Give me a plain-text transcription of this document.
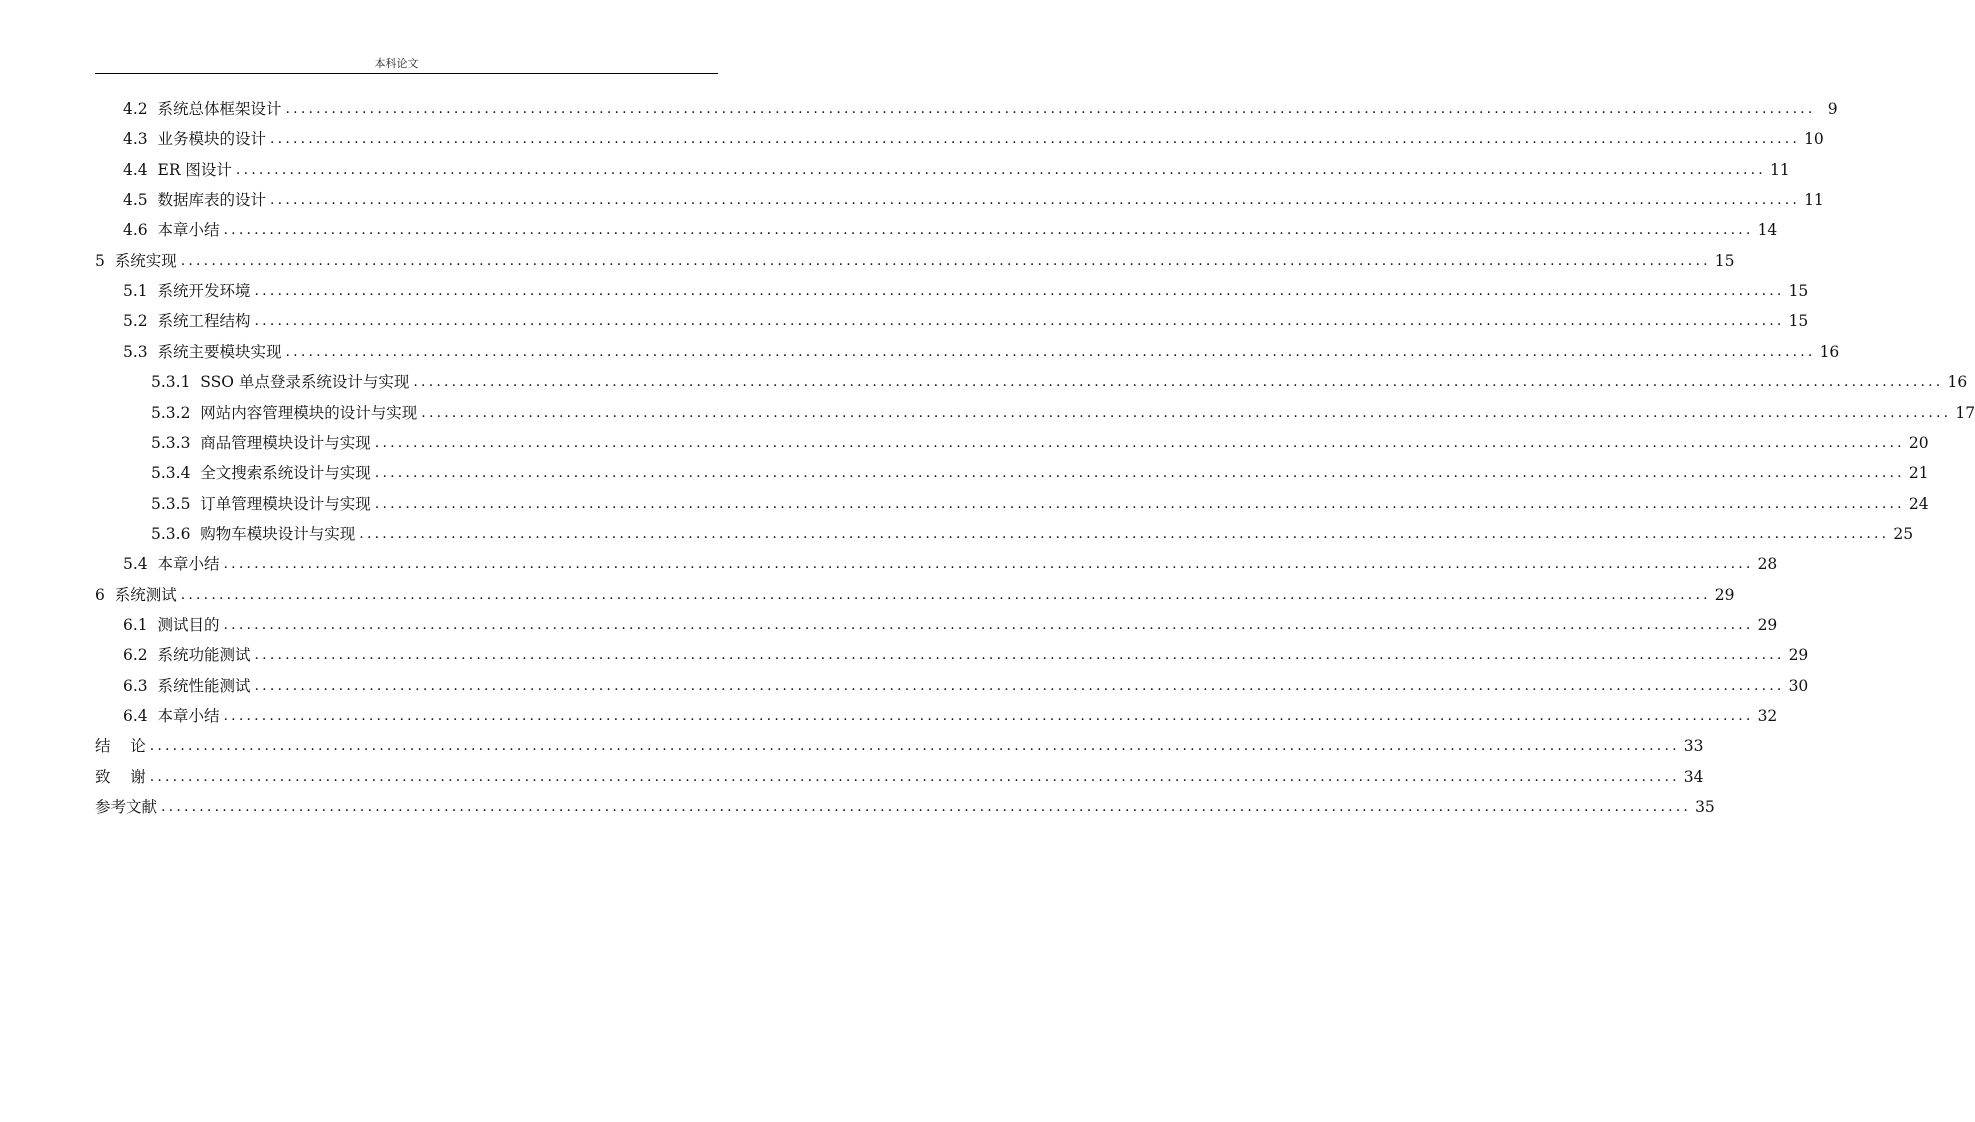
本科论文
4.2  系统总体框架设计 ........................................................................................................................................................................................................ 9
4.3  业务模块的设计 ........................................................................................................................................................................................................ 10
4.4  ER 图设计 ........................................................................................................................................................................................................ 11
4.5  数据库表的设计 ........................................................................................................................................................................................................ 11
4.6  本章小结 ........................................................................................................................................................................................................ 14
5  系统实现 ........................................................................................................................................................................................................ 15
5.1  系统开发环境 ........................................................................................................................................................................................................ 15
5.2  系统工程结构 ........................................................................................................................................................................................................ 15
5.3  系统主要模块实现 ........................................................................................................................................................................................................ 16
5.3.1  SSO 单点登录系统设计与实现 ........................................................................................................................................................................................................ 16
5.3.2  网站内容管理模块的设计与实现 ........................................................................................................................................................................................................ 17
5.3.3  商品管理模块设计与实现 ........................................................................................................................................................................................................ 20
5.3.4  全文搜索系统设计与实现 ........................................................................................................................................................................................................ 21
5.3.5  订单管理模块设计与实现 ........................................................................................................................................................................................................ 24
5.3.6  购物车模块设计与实现 ........................................................................................................................................................................................................ 25
5.4  本章小结 ........................................................................................................................................................................................................ 28
6  系统测试 ........................................................................................................................................................................................................ 29
6.1  测试目的 ........................................................................................................................................................................................................ 29
6.2  系统功能测试 ........................................................................................................................................................................................................ 29
6.3  系统性能测试 ........................................................................................................................................................................................................ 30
6.4  本章小结 ........................................................................................................................................................................................................ 32
结    论 ........................................................................................................................................................................................................ 33
致    谢 ........................................................................................................................................................................................................ 34
参考文献 ........................................................................................................................................................................................................ 35
